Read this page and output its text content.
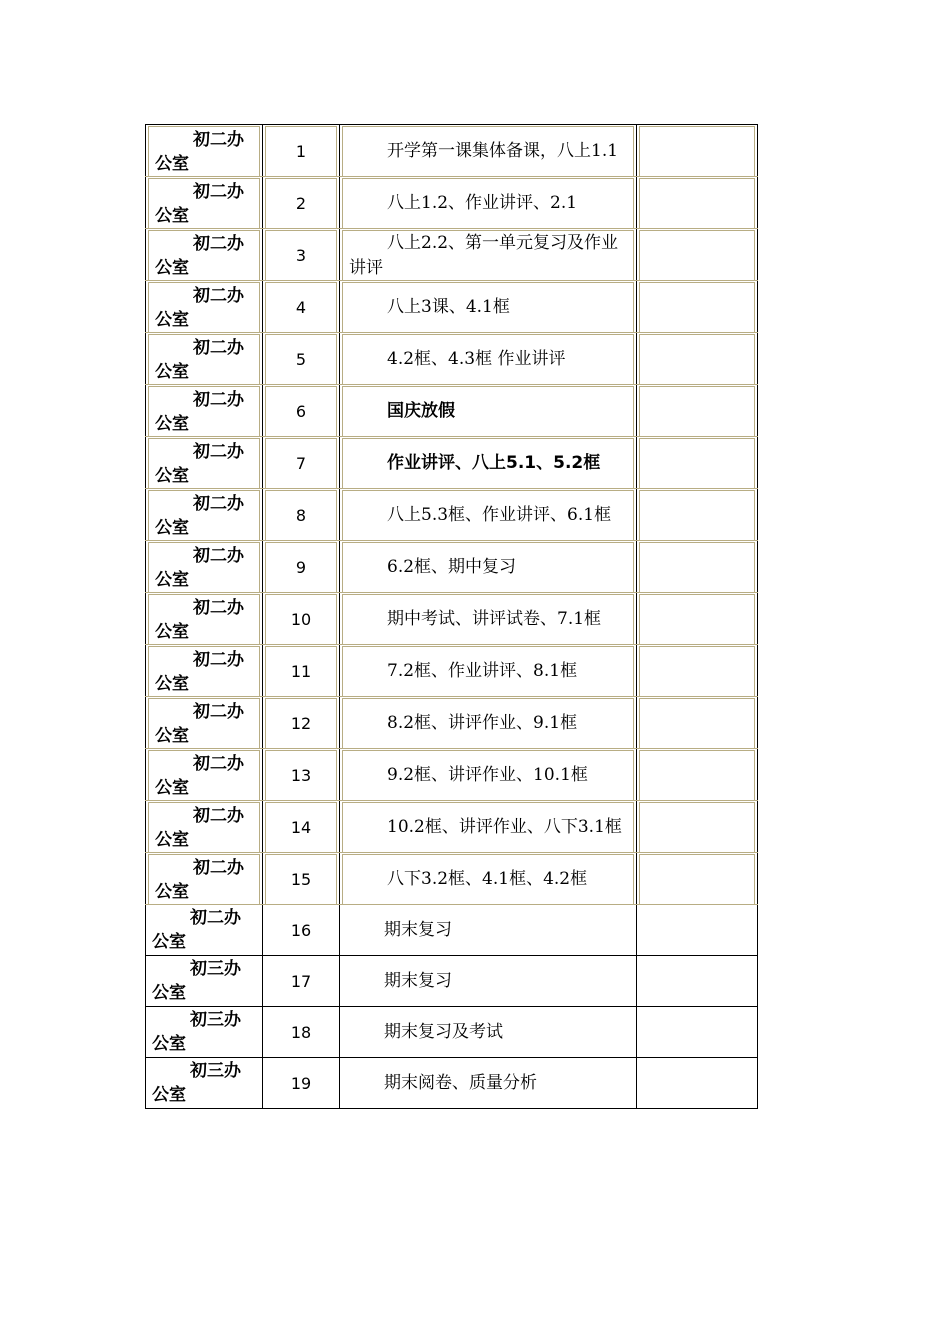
初二办公室	1	开学第一课集体备课，八上1.1	

初二办公室	2	八上1.2、作业讲评、2.1	

初二办公室	3	八上2.2、第一单元复习及作业讲评	

初二办公室	4	八上3课、4.1框	

初二办公室	5	4.2框、4.3框 作业讲评	

初二办公室	6	国庆放假	

初二办公室	7	作业讲评、八上5.1、5.2框	

初二办公室	8	八上5.3框、作业讲评、6.1框	

初二办公室	9	6.2框、期中复习	

初二办公室	10	期中考试、讲评试卷、7.1框	

初二办公室	11	7.2框、作业讲评、8.1框	

初二办公室	12	8.2框、讲评作业、9.1框	

初二办公室	13	9.2框、讲评作业、10.1框	

初二办公室	14	10.2框、讲评作业、八下3.1框	

初二办公室	15	八下3.2框、4.1框、4.2框	

初二办公室	16	期末复习	

初三办公室	17	期末复习	

初三办公室	18	期末复习及考试	

初三办公室	19	期末阅卷、质量分析	
